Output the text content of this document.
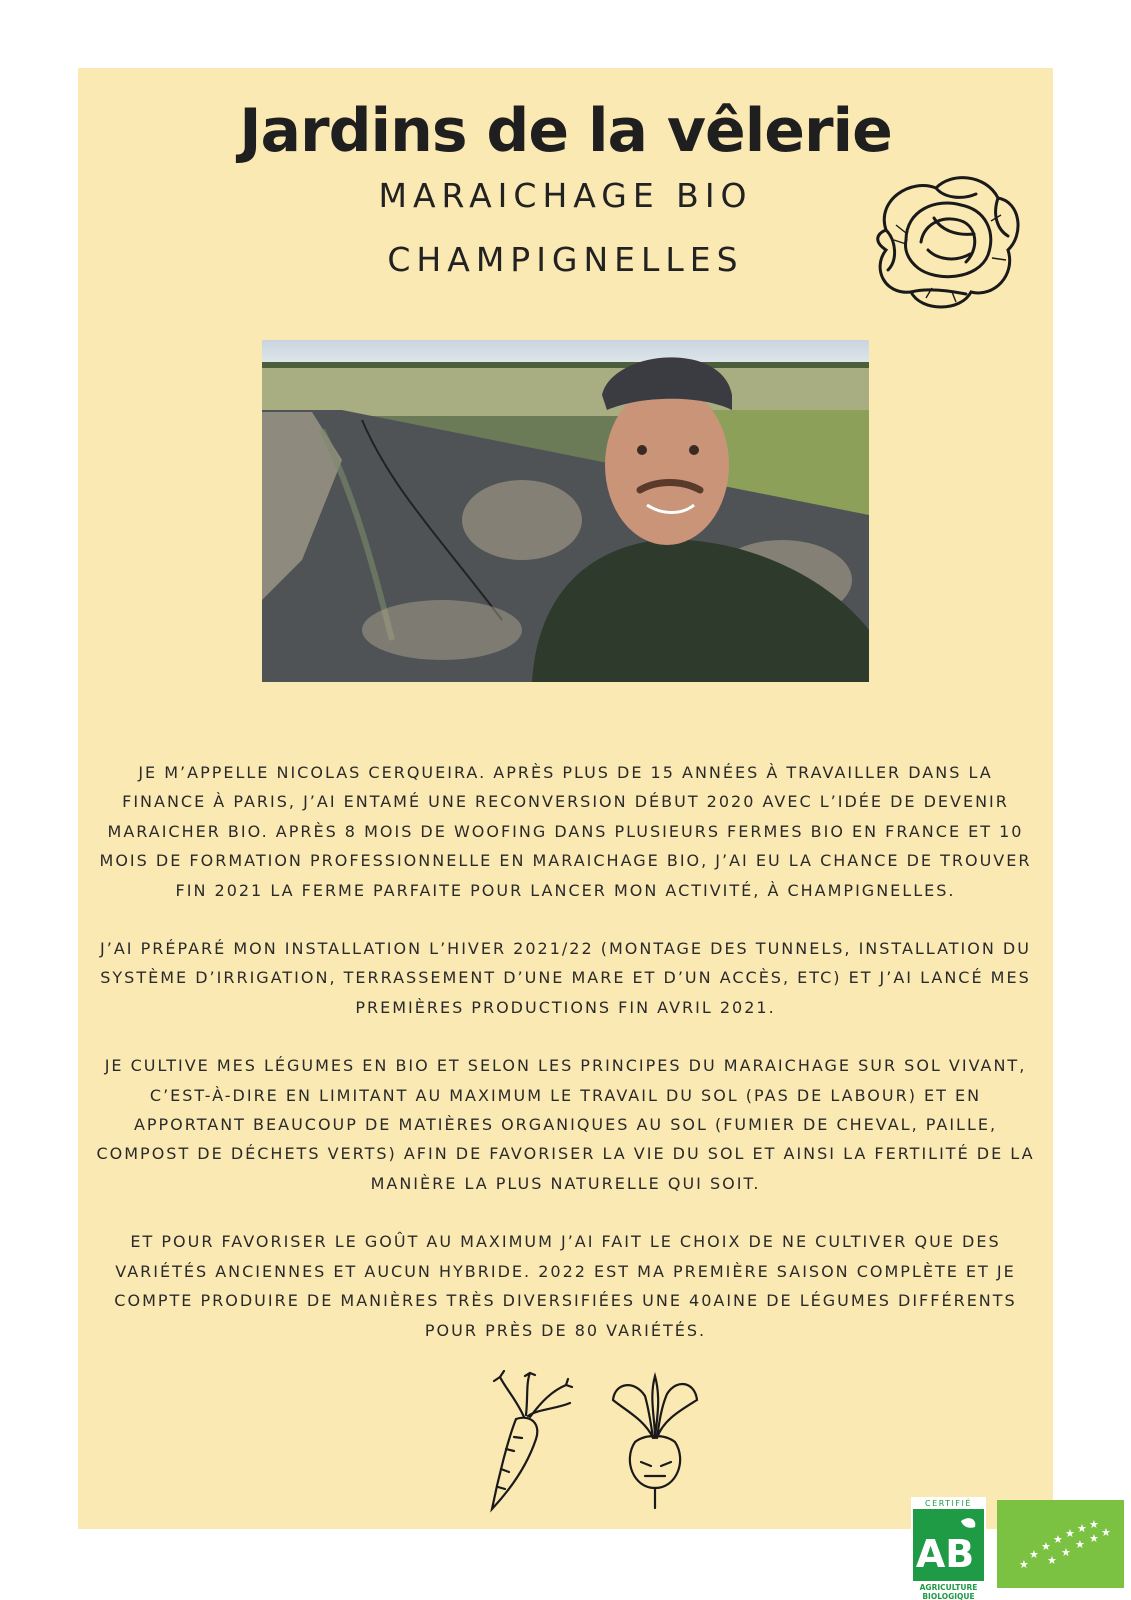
Jardins de la vêlerie
MARAICHAGE BIO
CHAMPIGNELLES

JE M’APPELLE NICOLAS CERQUEIRA. APRÈS PLUS DE 15 ANNÉES À TRAVAILLER DANS LA FINANCE À PARIS, J’AI ENTAMÉ UNE RECONVERSION DÉBUT 2020 AVEC L’IDÉE DE DEVENIR MARAICHER BIO. APRÈS 8 MOIS DE WOOFING DANS PLUSIEURS FERMES BIO EN FRANCE ET 10 MOIS DE FORMATION PROFESSIONNELLE EN MARAICHAGE BIO, J’AI EU LA CHANCE DE TROUVER FIN 2021 LA FERME PARFAITE POUR LANCER MON ACTIVITÉ, À CHAMPIGNELLES.

J’AI PRÉPARÉ MON INSTALLATION L’HIVER 2021/22 (MONTAGE DES TUNNELS, INSTALLATION DU SYSTÈME D’IRRIGATION, TERRASSEMENT D’UNE MARE ET D’UN ACCÈS, ETC) ET J’AI LANCÉ MES PREMIÈRES PRODUCTIONS FIN AVRIL 2021.

JE CULTIVE MES LÉGUMES EN BIO ET SELON LES PRINCIPES DU MARAICHAGE SUR SOL VIVANT, C’EST-À-DIRE EN LIMITANT AU MAXIMUM LE TRAVAIL DU SOL (PAS DE LABOUR) ET EN APPORTANT BEAUCOUP DE MATIÈRES ORGANIQUES AU SOL (FUMIER DE CHEVAL, PAILLE, COMPOST DE DÉCHETS VERTS) AFIN DE FAVORISER LA VIE DU SOL ET AINSI LA FERTILITÉ DE LA MANIÈRE LA PLUS NATURELLE QUI SOIT.

ET POUR FAVORISER LE GOÛT AU MAXIMUM J’AI FAIT LE CHOIX DE NE CULTIVER QUE DES VARIÉTÉS ANCIENNES ET AUCUN HYBRIDE. 2022 EST MA PREMIÈRE SAISON COMPLÈTE ET JE COMPTE PRODUIRE DE MANIÈRES TRÈS DIVERSIFIÉES UNE 40AINE DE LÉGUMES DIFFÉRENTS POUR PRÈS DE 80 VARIÉTÉS.

CERTIFIÉ
AB
AGRICULTURE
BIOLOGIQUE
★
★
★
★ ★ ★ ★
★
★
★ ★ ★
